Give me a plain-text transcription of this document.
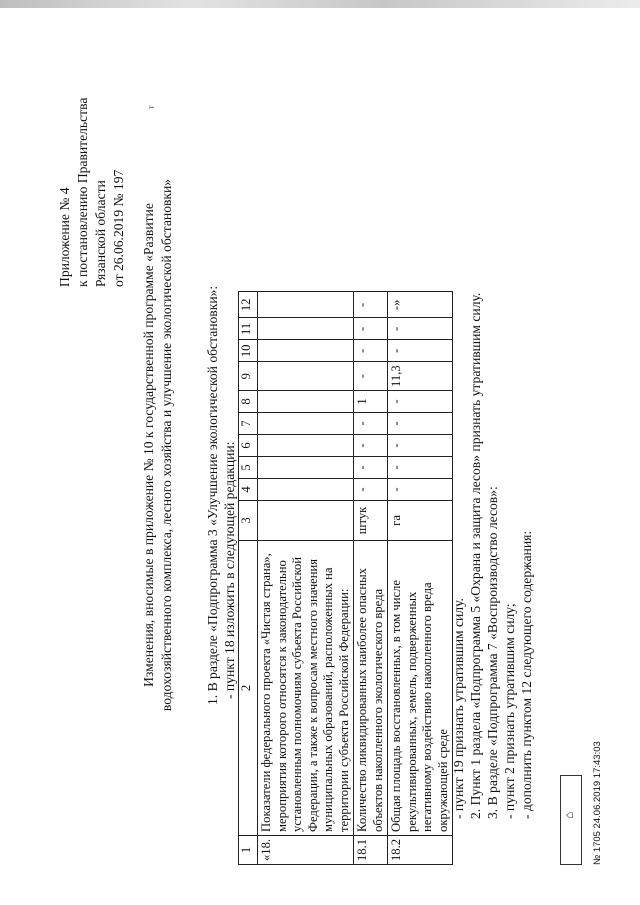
Приложение № 4 к постановлению Правительства Рязанской области от 26.06.2019 № 197
ᵀ
Изменения, вносимые в приложение № 10 к государственной программе «Развитие водохозяйственного комплекса, лесного хозяйства и улучшение экологической обстановки» 1. В разделе «Подпрограмма 3 «Улучшение экологической обстановки»: - пункт 18 изложить в следующей редакции:
1	2	3	4	5	6	7	8	9	10	11	12
«18.	Показатели федерального проекта «Чистая страна», мероприятия которого относятся к законодательно установленным полномочиям субъекта Российской Федерации, а также к вопросам местного значения муниципальных образований, расположенных на территории субъекта Российской Федерации:										
18.1	Количество ликвидированных наиболее опасных объектов накопленного экологического вреда	штук	-	-	-	-	1	-	-	-	-
18.2	Общая площадь восстановленных, в том числе рекультивированных, земель, подверженных негативному воздействию накопленного вреда окружающей среде	га	-	-	-	-	-	11,3	-	-	-»
- пункт 19 признать утратившим силу. 2. Пункт 1 раздела «Подпрограмма 5 «Охрана и защита лесов» признать утратившим силу. 3. В разделе «Подпрограмма 7 «Воспроизводство лесов»: - пункт 2 признать утратившим силу; - дополнить пунктом 12 следующего содержания: ⌂ № 1705 24.06.2019 17:43:03
